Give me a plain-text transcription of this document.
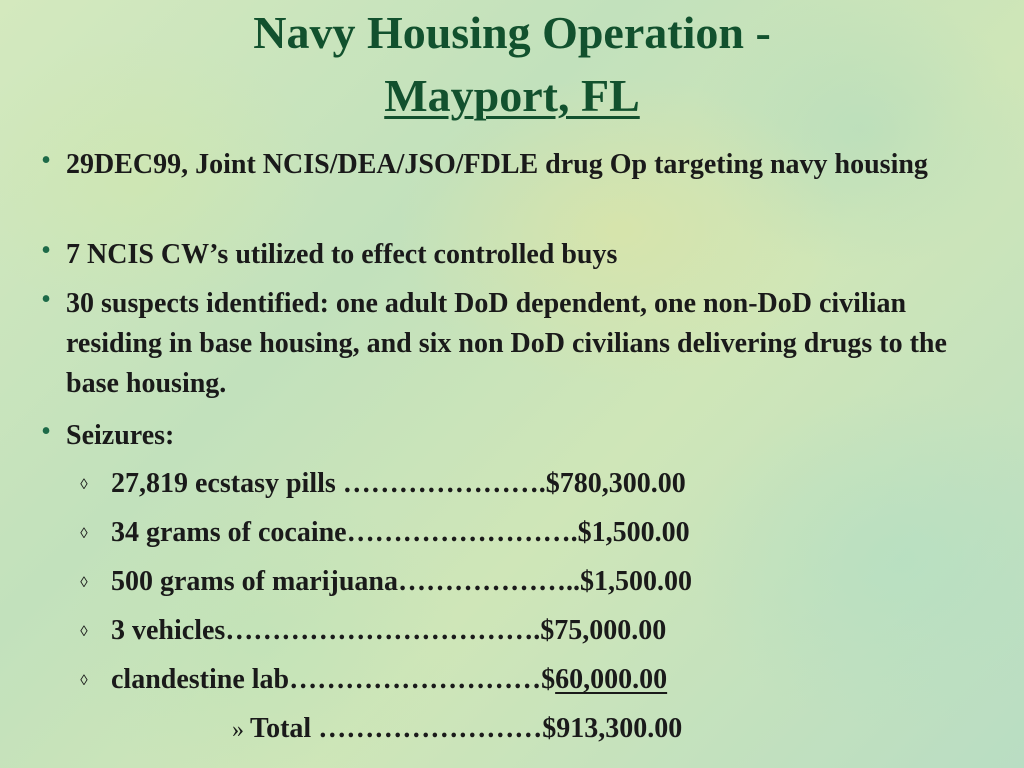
Navy Housing Operation -
Mayport, FL
• 29DEC99, Joint NCIS/DEA/JSO/FDLE drug Op targeting navy housing
• 7 NCIS CW’s utilized to effect controlled buys
• 30 suspects identified: one adult DoD dependent, one non-DoD civilian residing in base housing, and six non DoD civilians delivering drugs to the base housing.
• Seizures:
◊ 27,819 ecstasy pills ………………….$780,300.00
◊ 34 grams of cocaine…………………….$1,500.00
◊ 500 grams of marijuana………………..$1,500.00
◊ 3 vehicles…………………………….$75,000.00
◊ clandestine lab………………………$60,000.00
» Total ……………………$913,300.00
